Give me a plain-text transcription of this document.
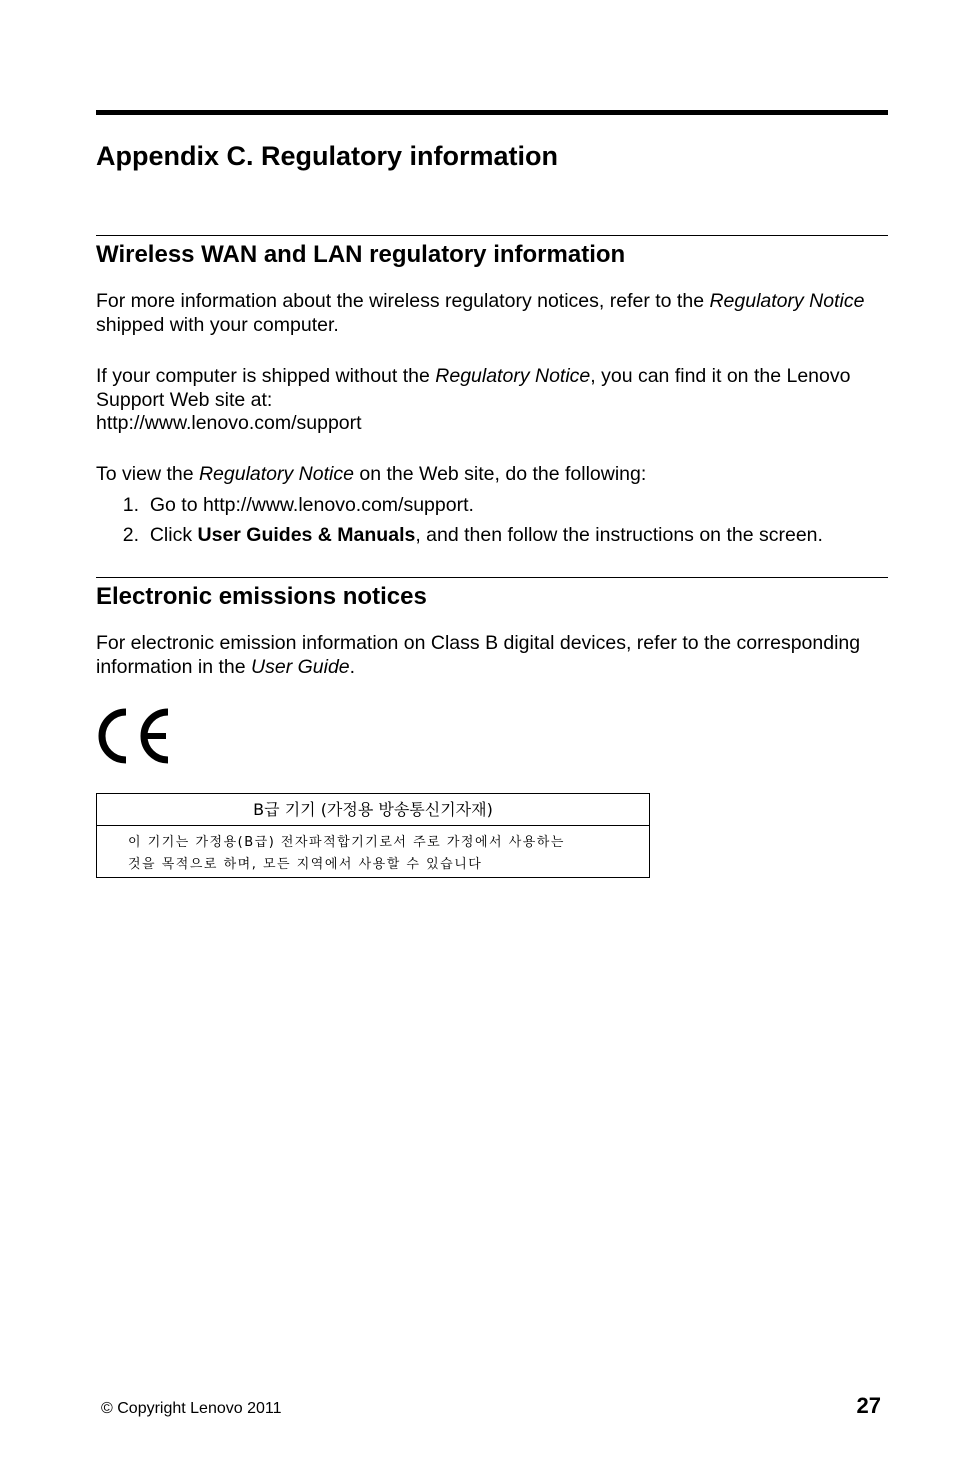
Appendix C. Regulatory information
Wireless WAN and LAN regulatory information

For more information about the wireless regulatory notices, refer to the Regulatory Notice shipped with your computer.

If your computer is shipped without the Regulatory Notice, you can find it on the Lenovo Support Web site at:
http://www.lenovo.com/support

To view the Regulatory Notice on the Web site, do the following:

1. Go to http://www.lenovo.com/support.
2. Click User Guides & Manuals, and then follow the instructions on the screen.
Electronic emissions notices

For electronic emission information on Class B digital devices, refer to the corresponding information in the User Guide.

B급 기기 (가정용 방송통신기자재)
이 기기는 가정용(B급) 전자파적합기기로서 주로 가정에서 사용하는
것을 목적으로 하며, 모든 지역에서 사용할 수 있습니다
© Copyright Lenovo 2011	27
